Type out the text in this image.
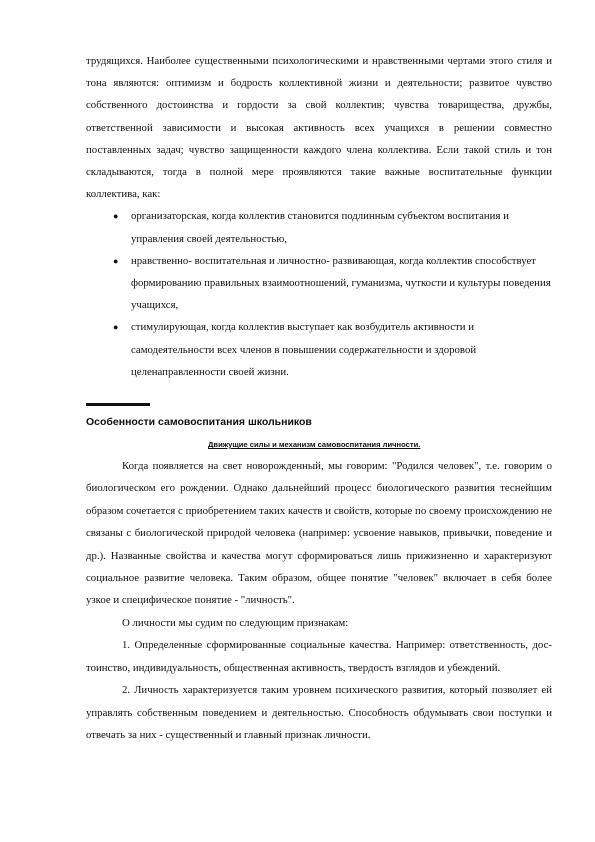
трудящихся. Наиболее существенными психологическими и нравственными чертами этого стиля и тона являются: оптимизм и бодрость коллективной жизни и деятельности; развитое чувство собственного достоинства и гордости за свой коллектив; чувства товарищества, дружбы, ответственной зависимости и высокая активность всех учащихся в решении совместно поставленных задач; чувство защищенности каждого члена коллектива. Если такой стиль и тон складываются, тогда в полной мере проявляются такие важные воспитательные функции коллектива, как:

● организаторская, когда коллектив становится подлинным субъектом воспитания и управления своей деятельностью,
● нравственно- воспитательная и личностно- развивающая, когда коллектив способствует формированию правильных взаимоотношений, гуманизма, чуткости и культуры поведения учащихся,
● стимулирующая, когда коллектив выступает как возбудитель активности и самодеятельности всех членов в повышении содержательности и здоровой целенаправленности своей жизни.
Особенности самовоспитания школьников
Движущие силы и механизм самовоспитания личности.

Когда появляется на свет новорожденный, мы говорим: "Родился человек", т.е. говорим о биологическом его рождении. Однако дальнейший процесс биологического развития теснейшим образом сочетается с приобретением таких качеств и свойств, которые по своему происхождению не связаны с биологической природой человека (например: усвоение навыков, привычки, поведение и др.). Названные свойства и качества могут сформироваться лишь прижизненно и характеризуют социальное развитие человека. Таким образом, общее понятие "человек" включает в себя более узкое и специфическое понятие - "личность".

О личности мы судим по следующим признакам:

1. Определенные сформированные социальные качества. Например: ответственность, дос-тоинство, индивидуальность, общественная активность, твердость взглядов и убеждений.

2. Личность характеризуется таким уровнем психического развития, который позволяет ей управлять собственным поведением и деятельностью. Способность обдумывать свои поступки и отвечать за них - существенный и главный признак личности.
